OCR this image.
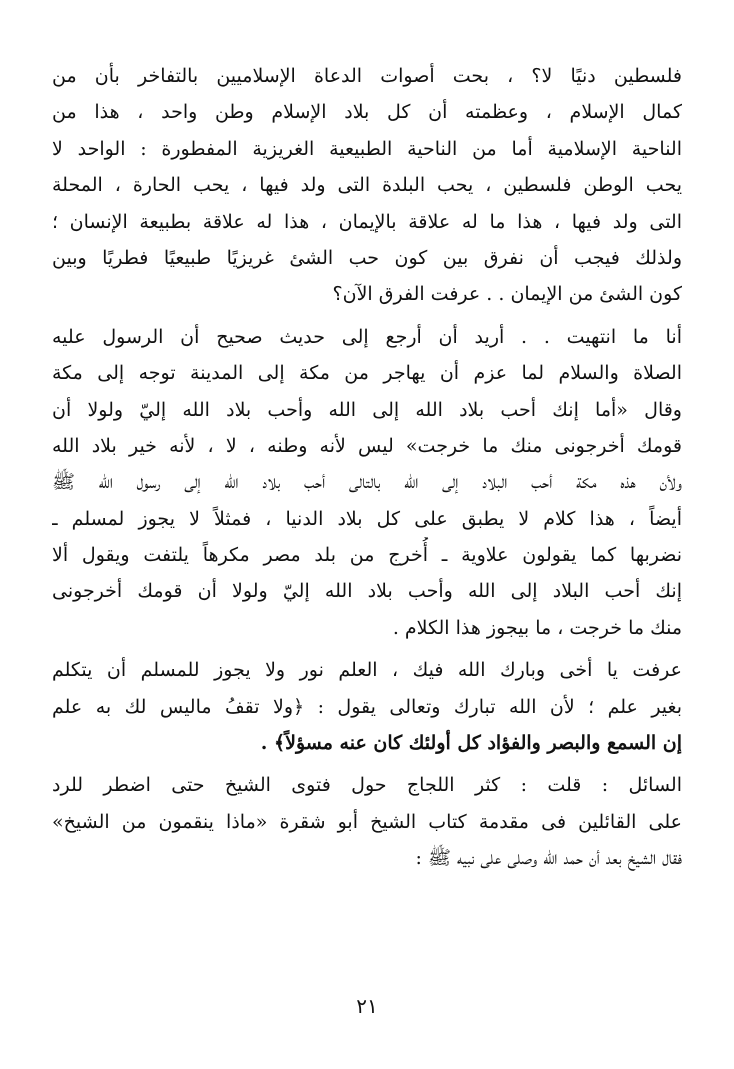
فلسطين دنيًا لا؟ ، بحت أصوات الدعاة الإسلاميين بالتفاخر بأن من
كمال الإسلام ، وعظمته أن كل بلاد الإسلام وطن واحد ، هذا من
الناحية الإسلامية أما من الناحية الطبيعية الغريزية المفطورة : الواحد لا
يحب الوطن فلسطين ، يحب البلدة التى ولد فيها ، يحب الحارة ، المحلة
التى ولد فيها ، هذا ما له علاقة بالإيمان ، هذا له علاقة بطبيعة الإنسان ؛
ولذلك فيجب أن نفرق بين كون حب الشئ غريزيًا طبيعيًا فطريًا وبين
كون الشئ من الإيمان . . عرفت الفرق الآن؟
أنا ما انتهيت . . أريد أن أرجع إلى حديث صحيح أن الرسول عليه
الصلاة والسلام لما عزم أن يهاجر من مكة إلى المدينة توجه إلى مكة
وقال «أما إنك أحب بلاد الله إلى الله وأحب بلاد الله إليّ ولولا أن
قومك أخرجونى منك ما خرجت» ليس لأنه وطنه ، لا ، لأنه خير بلاد الله
ولأن هذه مكة أحب البلاد إلى الله بالتالى أحب بلاد الله إلى رسول الله ﷺ
أيضاً ، هذا كلام لا يطبق على كل بلاد الدنيا ، فمثلاً لا يجوز لمسلم ـ
نضربها كما يقولون علاوية ـ أُخرج من بلد مصر مكرهاً يلتفت ويقول ألا
إنك أحب البلاد إلى الله وأحب بلاد الله إليّ ولولا أن قومك أخرجونى
منك ما خرجت ، ما بيجوز هذا الكلام .
عرفت يا أخى وبارك الله فيك ، العلم نور ولا يجوز للمسلم أن يتكلم
بغير علم ؛ لأن الله تبارك وتعالى يقول : ﴿ولا تقفُ ماليس لك به علم
إن السمع والبصر والفؤاد كل أولئك كان عنه مسؤلاً﴾ .
السائل : قلت : كثر اللجاج حول فتوى الشيخ حتى اضطر للرد
على القائلين فى مقدمة كتاب الشيخ أبو شقرة «ماذا ينقمون من الشيخ»
فقال الشيخ بعد أن حمد الله وصلى على نبيه ﷺ :
٢١
